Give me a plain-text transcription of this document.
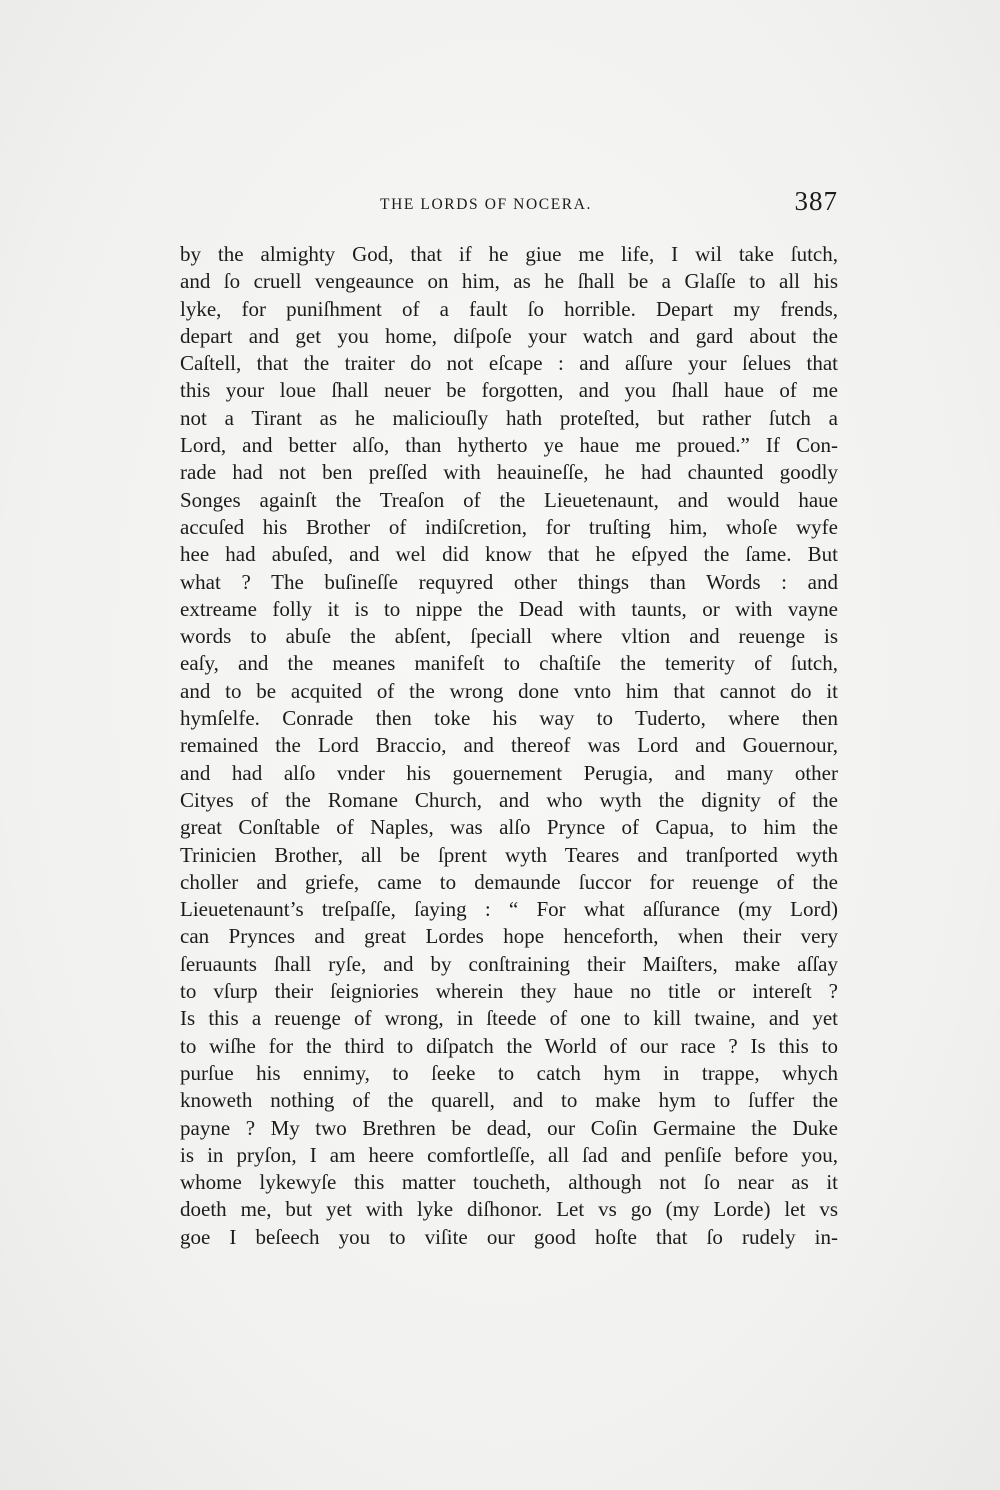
THE LORDS OF NOCERA.	387
by the almighty God, that if he giue me life, I wil take ſutch,
and ſo cruell vengeaunce on him, as he ſhall be a Glaſſe to all his
lyke, for puniſhment of a fault ſo horrible. Depart my frends,
depart and get you home, diſpoſe your watch and gard about the
Caſtell, that the traiter do not eſcape : and aſſure your ſelues that
this your loue ſhall neuer be forgotten, and you ſhall haue of me
not a Tirant as he maliciouſly hath proteſted, but rather ſutch a
Lord, and better alſo, than hytherto ye haue me proued.” If Con-
rade had not ben preſſed with heauineſſe, he had chaunted goodly
Songes againſt the Treaſon of the Lieuetenaunt, and would haue
accuſed his Brother of indiſcretion, for truſting him, whoſe wyfe
hee had abuſed, and wel did know that he eſpyed the ſame. But
what ? The buſineſſe requyred other things than Words : and
extreame folly it is to nippe the Dead with taunts, or with vayne
words to abuſe the abſent, ſpeciall where vltion and reuenge is
eaſy, and the meanes manifeſt to chaſtiſe the temerity of ſutch,
and to be acquited of the wrong done vnto him that cannot do it
hymſelfe. Conrade then toke his way to Tuderto, where then
remained the Lord Braccio, and thereof was Lord and Gouernour,
and had alſo vnder his gouernement Perugia, and many other
Cityes of the Romane Church, and who wyth the dignity of the
great Conſtable of Naples, was alſo Prynce of Capua, to him the
Trinicien Brother, all be ſprent wyth Teares and tranſported wyth
choller and griefe, came to demaunde ſuccor for reuenge of the
Lieuetenaunt’s treſpaſſe, ſaying : “ For what aſſurance (my Lord)
can Prynces and great Lordes hope henceforth, when their very
ſeruaunts ſhall ryſe, and by conſtraining their Maiſters, make aſſay
to vſurp their ſeigniories wherein they haue no title or intereſt ?
Is this a reuenge of wrong, in ſteede of one to kill twaine, and yet
to wiſhe for the third to diſpatch the World of our race ? Is this to
purſue his ennimy, to ſeeke to catch hym in trappe, whych
knoweth nothing of the quarell, and to make hym to ſuffer the
payne ? My two Brethren be dead, our Coſin Germaine the Duke
is in pryſon, I am heere comfortleſſe, all ſad and penſiſe before you,
whome lykewyſe this matter toucheth, although not ſo near as it
doeth me, but yet with lyke diſhonor. Let vs go (my Lorde) let vs
goe I beſeech you to viſite our good hoſte that ſo rudely in-
